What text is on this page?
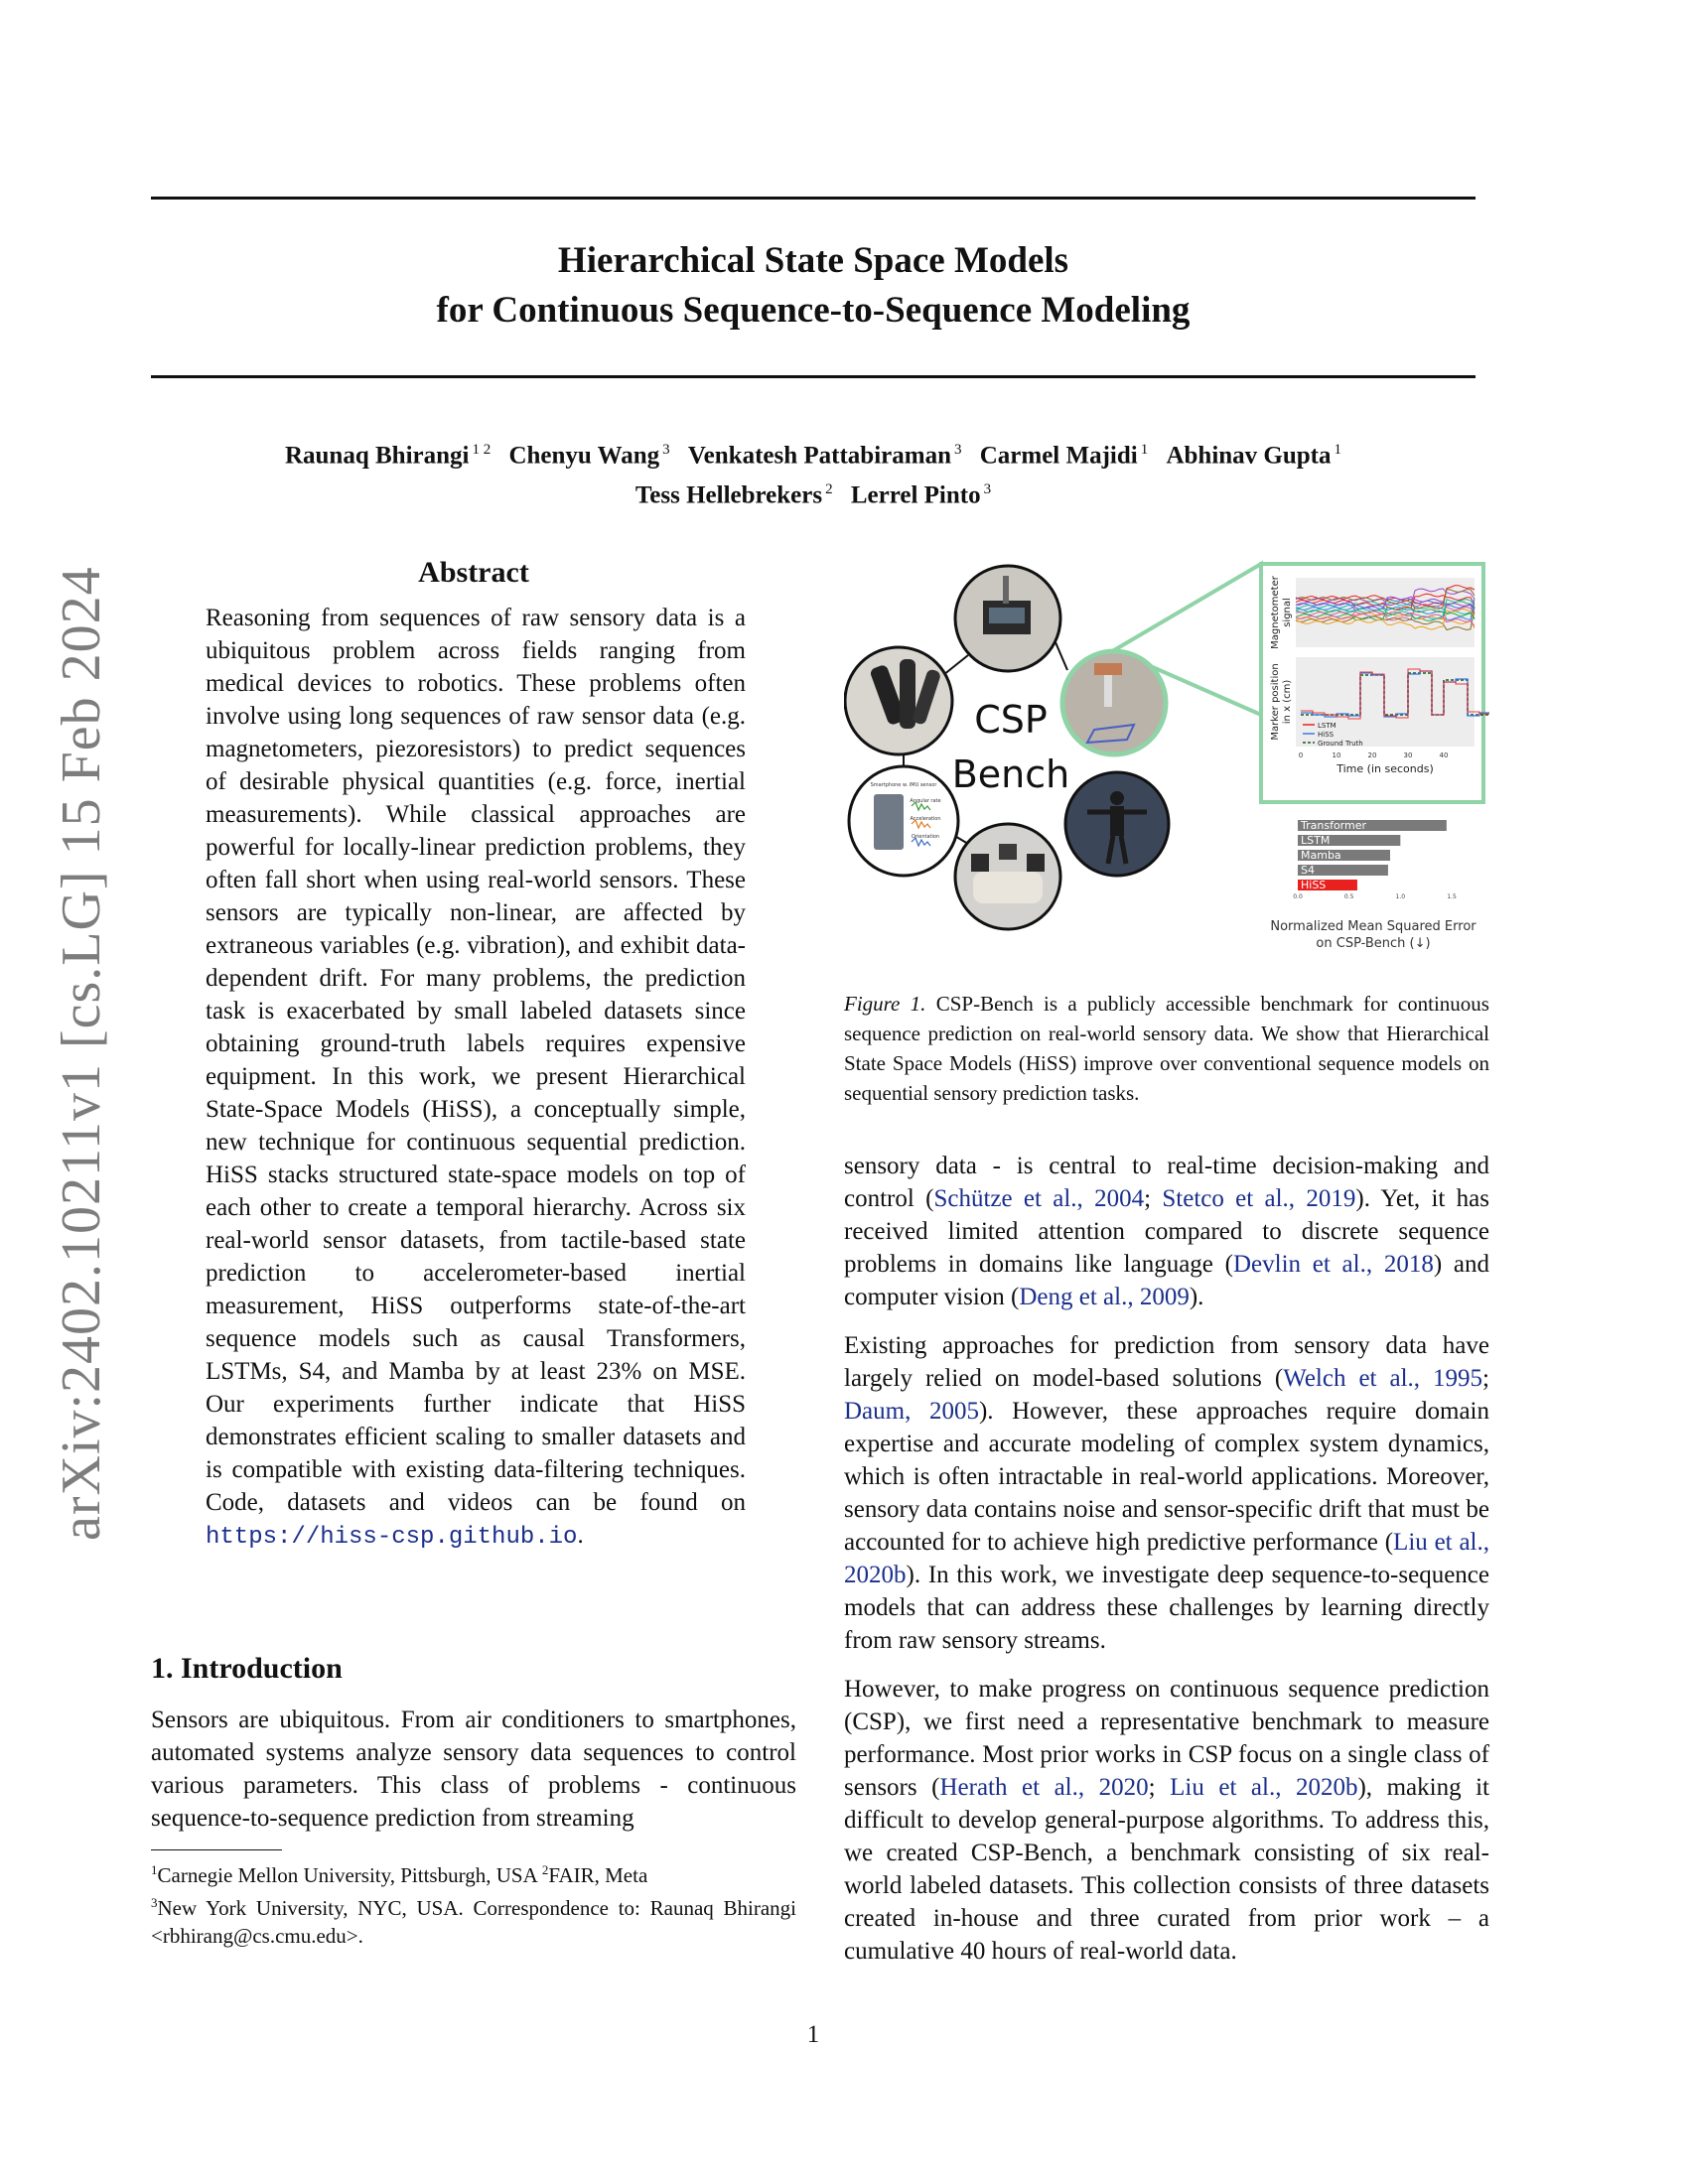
Hierarchical State Space Models
for Continuous Sequence-to-Sequence Modeling
Raunaq Bhirangi $^{1 2}$ Chenyu Wang $^3$ Venkatesh Pattabiraman $^3$ Carmel Majidi $^1$ Abhinav Gupta $^1$
Tess Hellebrekers $^2$ Lerrel Pinto $^3$
arXiv:2402.10211v1 [cs.LG] 15 Feb 2024	Abstract
Reasoning from sequences of raw sensory data is a ubiquitous problem across fields ranging from medical devices to robotics. These problems often involve using long sequences of raw sensor data (e.g. magnetometers, piezoresistors) to predict sequences of desirable physical quantities (e.g. force, inertial measurements). While classical approaches are powerful for locally-linear prediction problems, they often fall short when using real-world sensors. These sensors are typically non-linear, are affected by extraneous variables (e.g. vibration), and exhibit data-dependent drift. For many problems, the prediction task is exacerbated by small labeled datasets since obtaining ground-truth labels requires expensive equipment. In this work, we present Hierarchical State-Space Models (HiSS), a conceptually simple, new technique for continuous sequential prediction. HiSS stacks structured state-space models on top of each other to create a temporal hierarchy. Across six real-world sensor datasets, from tactile-based state prediction to accelerometer-based inertial measurement, HiSS outperforms state-of-the-art sequence models such as causal Transformers, LSTMs, S4, and Mamba by at least 23% on MSE. Our experiments further indicate that HiSS demonstrates efficient scaling to smaller datasets and is compatible with existing data-filtering techniques. Code, datasets and videos can be found on https://hiss-csp.github.io.
1. Introduction
Sensors are ubiquitous. From air conditioners to smartphones, automated systems analyze sensory data sequences to control various parameters. This class of problems - continuous sequence-to-sequence prediction from streaming
$^1$Carnegie Mellon University, Pittsburgh, USA $^2$FAIR, Meta
$^3$New York University, NYC, USA. Correspondence to: Raunaq Bhirangi <rbhirang@cs.cmu.edu>.
Smartphone w. IMU sensor
Angular rate
Acceleration
Orientation
CSP
Bench
Magnetometer signal
LSTM
HiSS
Ground Truth
Marker position in x (cm)
0	10	20	30	40
Time (in seconds)
Transformer
LSTM
Mamba
S4
HiSS
0.0	0.5	1.0	1.5
Normalized Mean Squared Error
on CSP-Bench (↓)
Figure 1. CSP-Bench is a publicly accessible benchmark for continuous sequence prediction on real-world sensory data. We show that Hierarchical State Space Models (HiSS) improve over conventional sequence models on sequential sensory prediction tasks.

sensory data - is central to real-time decision-making and control (Schütze et al., 2004; Stetco et al., 2019). Yet, it has received limited attention compared to discrete sequence problems in domains like language (Devlin et al., 2018) and computer vision (Deng et al., 2009).

Existing approaches for prediction from sensory data have largely relied on model-based solutions (Welch et al., 1995; Daum, 2005). However, these approaches require domain expertise and accurate modeling of complex system dynamics, which is often intractable in real-world applications. Moreover, sensory data contains noise and sensor-specific drift that must be accounted for to achieve high predictive performance (Liu et al., 2020b). In this work, we investigate deep sequence-to-sequence models that can address these challenges by learning directly from raw sensory streams.

However, to make progress on continuous sequence prediction (CSP), we first need a representative benchmark to measure performance. Most prior works in CSP focus on a single class of sensors (Herath et al., 2020; Liu et al., 2020b), making it difficult to develop general-purpose algorithms. To address this, we created CSP-Bench, a benchmark consisting of six real-world labeled datasets. This collection consists of three datasets created in-house and three curated from prior work – a cumulative 40 hours of real-world data.

1
